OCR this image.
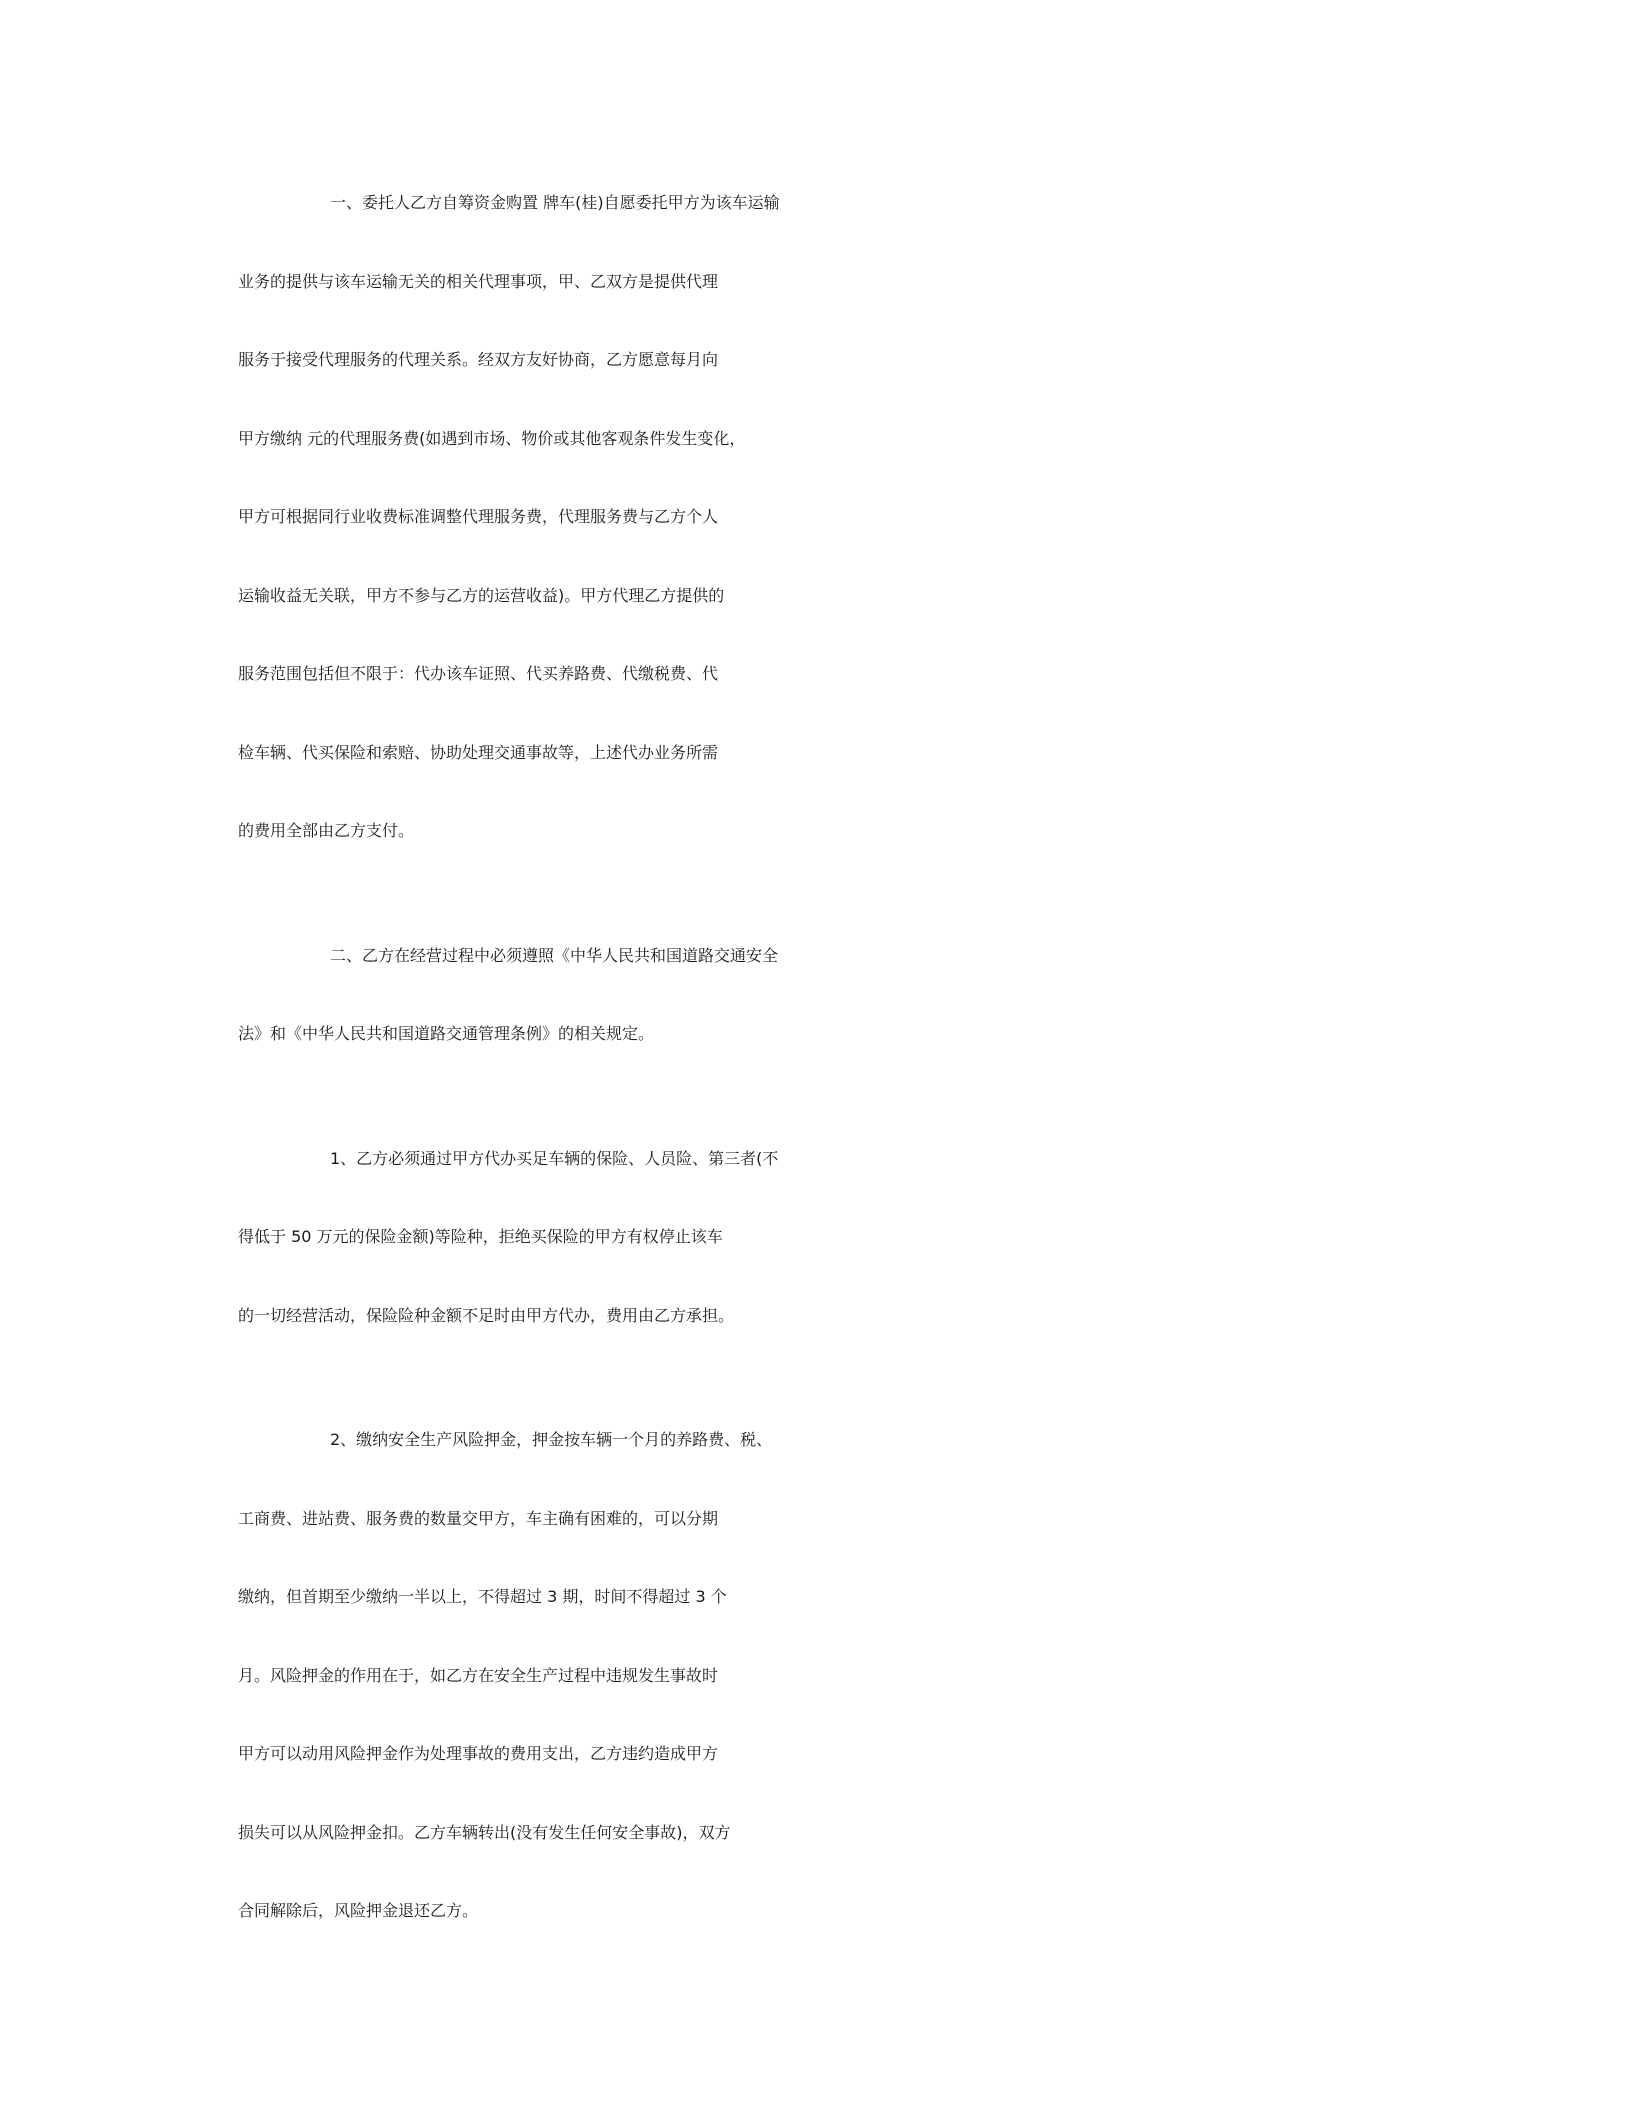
一、委托人乙方自筹资金购置 牌车(桂)自愿委托甲方为该车运输
业务的提供与该车运输无关的相关代理事项，甲、乙双方是提供代理
服务于接受代理服务的代理关系。经双方友好协商，乙方愿意每月向
甲方缴纳 元的代理服务费(如遇到市场、物价或其他客观条件发生变化，
甲方可根据同行业收费标准调整代理服务费，代理服务费与乙方个人
运输收益无关联，甲方不参与乙方的运营收益)。甲方代理乙方提供的
服务范围包括但不限于：代办该车证照、代买养路费、代缴税费、代
检车辆、代买保险和索赔、协助处理交通事故等，上述代办业务所需
的费用全部由乙方支付。
二、乙方在经营过程中必须遵照《中华人民共和国道路交通安全
法》和《中华人民共和国道路交通管理条例》的相关规定。
1、乙方必须通过甲方代办买足车辆的保险、人员险、第三者(不
得低于 50 万元的保险金额)等险种，拒绝买保险的甲方有权停止该车
的一切经营活动，保险险种金额不足时由甲方代办，费用由乙方承担。
2、缴纳安全生产风险押金，押金按车辆一个月的养路费、税、
工商费、进站费、服务费的数量交甲方，车主确有困难的，可以分期
缴纳，但首期至少缴纳一半以上，不得超过 3 期，时间不得超过 3 个
月。风险押金的作用在于，如乙方在安全生产过程中违规发生事故时
甲方可以动用风险押金作为处理事故的费用支出，乙方违约造成甲方
损失可以从风险押金扣。乙方车辆转出(没有发生任何安全事故)，双方
合同解除后，风险押金退还乙方。
